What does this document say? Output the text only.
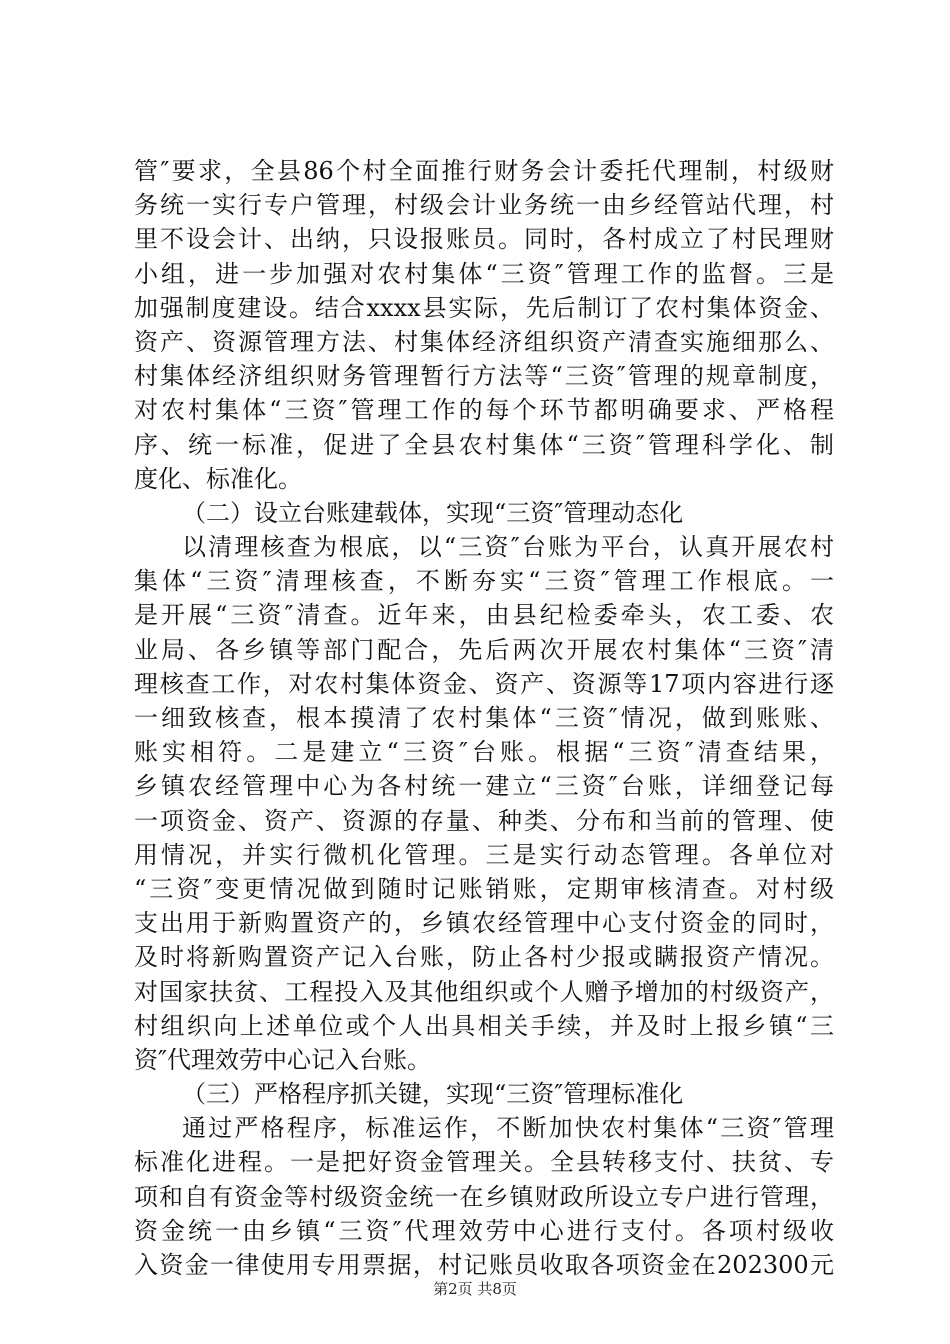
管″要求，全县86个村全面推行财务会计委托代理制，村级财
务统一实行专户管理，村级会计业务统一由乡经管站代理，村
里不设会计、出纳，只设报账员。同时，各村成立了村民理财
小组，进一步加强对农村集体“三资″管理工作的监督。三是
加强制度建设。结合xxxx县实际，先后制订了农村集体资金、
资产、资源管理方法、村集体经济组织资产清查实施细那么、
村集体经济组织财务管理暂行方法等“三资″管理的规章制度，
对农村集体“三资″管理工作的每个环节都明确要求、严格程
序、统一标准，促进了全县农村集体“三资″管理科学化、制
度化、标准化。
（二）设立台账建载体，实现“三资″管理动态化
以清理核查为根底，以“三资″台账为平台，认真开展农村
集体“三资″清理核查，不断夯实“三资″管理工作根底。一
是开展“三资″清查。近年来，由县纪检委牵头，农工委、农
业局、各乡镇等部门配合，先后两次开展农村集体“三资″清
理核查工作，对农村集体资金、资产、资源等17项内容进行逐
一细致核查，根本摸清了农村集体“三资″情况，做到账账、
账实相符。二是建立“三资″台账。根据“三资″清查结果，
乡镇农经管理中心为各村统一建立“三资″台账，详细登记每
一项资金、资产、资源的存量、种类、分布和当前的管理、使
用情况，并实行微机化管理。三是实行动态管理。各单位对
“三资″变更情况做到随时记账销账，定期审核清查。对村级
支出用于新购置资产的，乡镇农经管理中心支付资金的同时，
及时将新购置资产记入台账，防止各村少报或瞒报资产情况。
对国家扶贫、工程投入及其他组织或个人赠予增加的村级资产，
村组织向上述单位或个人出具相关手续，并及时上报乡镇“三
资″代理效劳中心记入台账。
（三）严格程序抓关键，实现“三资″管理标准化
通过严格程序，标准运作，不断加快农村集体“三资″管理
标准化进程。一是把好资金管理关。全县转移支付、扶贫、专
项和自有资金等村级资金统一在乡镇财政所设立专户进行管理，
资金统一由乡镇“三资″代理效劳中心进行支付。各项村级收
入资金一律使用专用票据，村记账员收取各项资金在202300元
第2页 共8页
